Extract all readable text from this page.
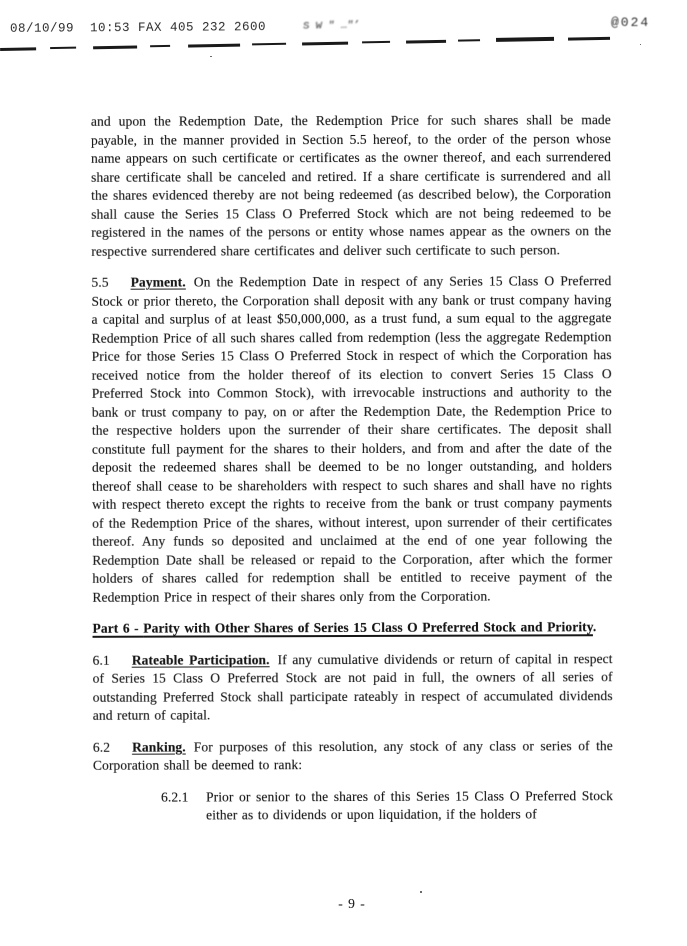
08/10/99  10:53 FAX 405 232 2600	S W ″ …″’	@024

and upon the Redemption Date, the Redemption Price for such shares shall be made payable, in the manner provided in Section 5.5 hereof, to the order of the person whose name appears on such certificate or certificates as the owner thereof, and each surrendered share certificate shall be canceled and retired. If a share certificate is surrendered and all the shares evidenced thereby are not being redeemed (as described below), the Corporation shall cause the Series 15 Class O Preferred Stock which are not being redeemed to be registered in the names of the persons or entity whose names appear as the owners on the respective surrendered share certificates and deliver such certificate to such person.

5.5 Payment. On the Redemption Date in respect of any Series 15 Class O Preferred Stock or prior thereto, the Corporation shall deposit with any bank or trust company having a capital and surplus of at least $50,000,000, as a trust fund, a sum equal to the aggregate Redemption Price of all such shares called from redemption (less the aggregate Redemption Price for those Series 15 Class O Preferred Stock in respect of which the Corporation has received notice from the holder thereof of its election to convert Series 15 Class O Preferred Stock into Common Stock), with irrevocable instructions and authority to the bank or trust company to pay, on or after the Redemption Date, the Redemption Price to the respective holders upon the surrender of their share certificates. The deposit shall constitute full payment for the shares to their holders, and from and after the date of the deposit the redeemed shares shall be deemed to be no longer outstanding, and holders thereof shall cease to be shareholders with respect to such shares and shall have no rights with respect thereto except the rights to receive from the bank or trust company payments of the Redemption Price of the shares, without interest, upon surrender of their certificates thereof. Any funds so deposited and unclaimed at the end of one year following the Redemption Date shall be released or repaid to the Corporation, after which the former holders of shares called for redemption shall be entitled to receive payment of the Redemption Price in respect of their shares only from the Corporation.

Part 6 - Parity with Other Shares of Series 15 Class O Preferred Stock and Priority.

6.1 Rateable Participation. If any cumulative dividends or return of capital in respect of Series 15 Class O Preferred Stock are not paid in full, the owners of all series of outstanding Preferred Stock shall participate rateably in respect of accumulated dividends and return of capital.

6.2 Ranking. For purposes of this resolution, any stock of any class or series of the Corporation shall be deemed to rank:

6.2.1	Prior or senior to the shares of this Series 15 Class O Preferred Stock either as to dividends or upon liquidation, if the holders of
- 9 -
